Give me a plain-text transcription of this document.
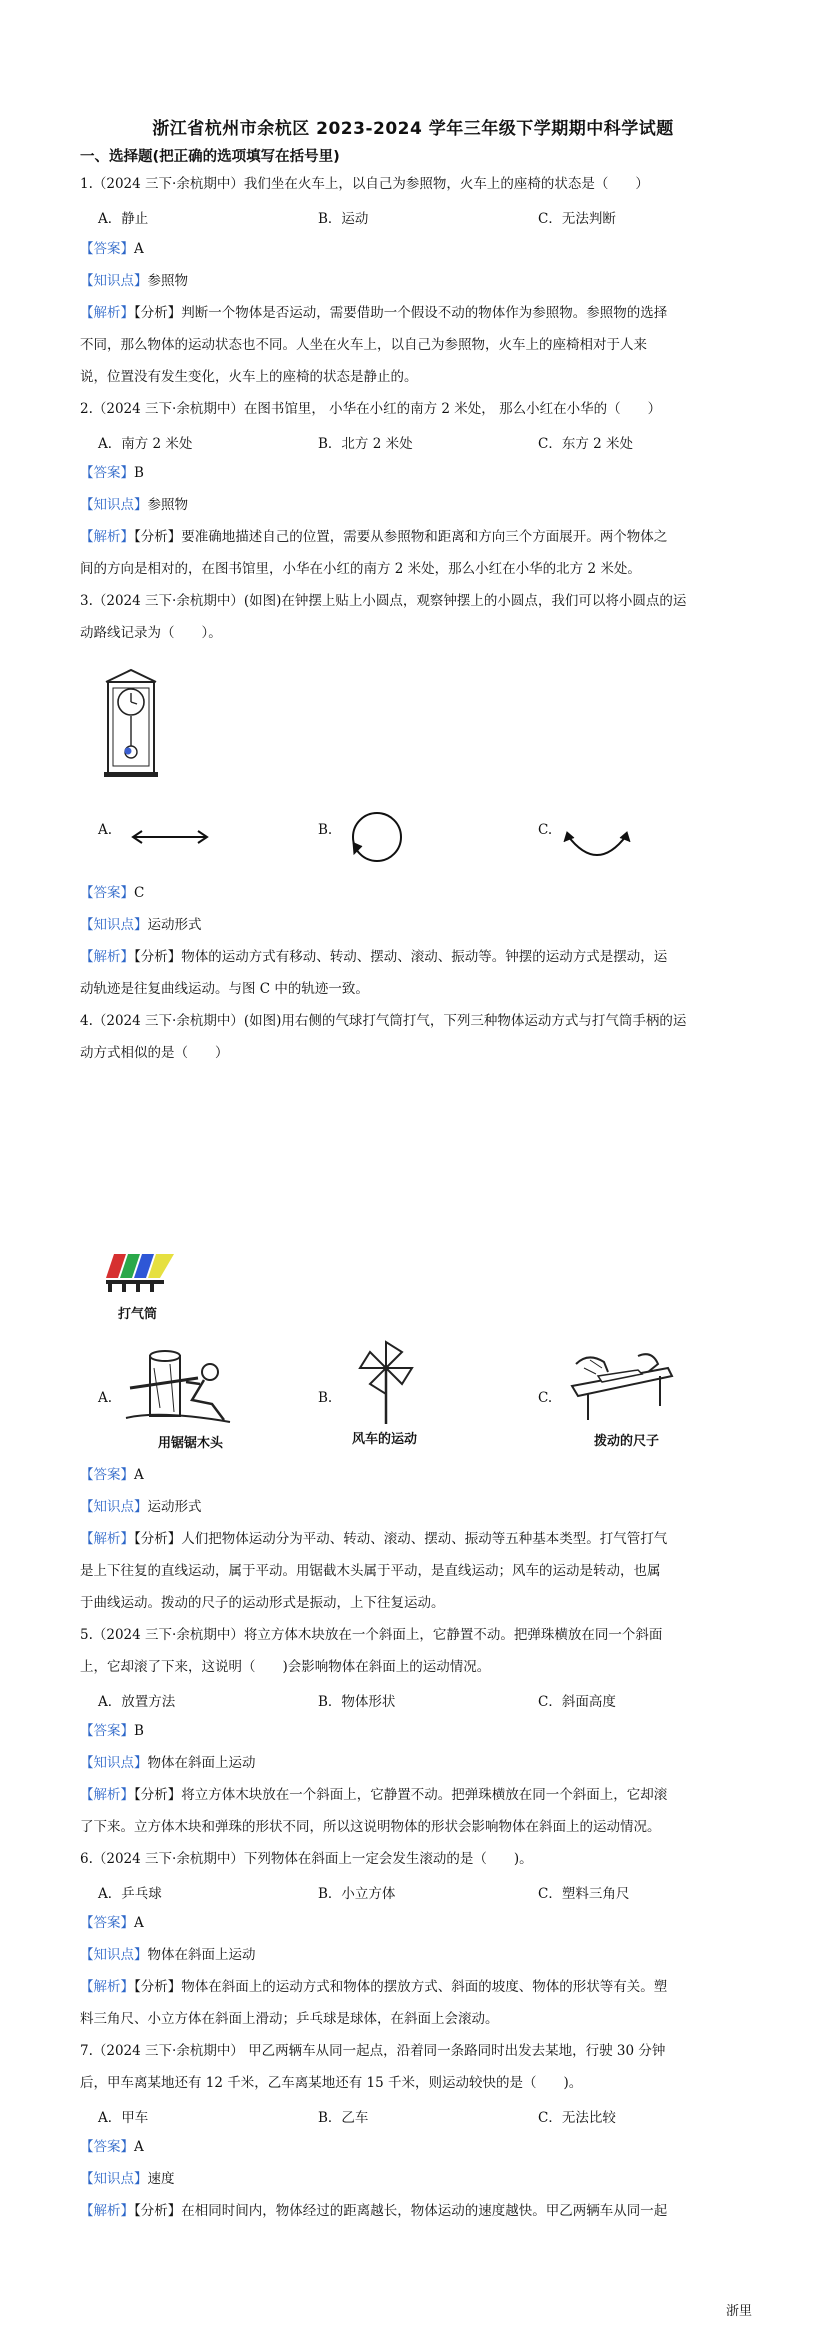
浙江省杭州市余杭区 2023-2024 学年三年级下学期期中科学试题
一、选择题(把正确的选项填写在括号里)
1.（2024 三下·余杭期中）我们坐在火车上，以自己为参照物，火车上的座椅的状态是（　　）
A．静止	B．运动	C．无法判断
【答案】A
【知识点】参照物
【解析】【分析】判断一个物体是否运动，需要借助一个假设不动的物体作为参照物。参照物的选择
不同，那么物体的运动状态也不同。人坐在火车上，以自己为参照物，火车上的座椅相对于人来
说，位置没有发生变化，火车上的座椅的状态是静止的。
2.（2024 三下·余杭期中）在图书馆里， 小华在小红的南方 2 米处， 那么小红在小华的（　　）
A．南方 2 米处	B．北方 2 米处	C．东方 2 米处
【答案】B
【知识点】参照物
【解析】【分析】要准确地描述自己的位置，需要从参照物和距离和方向三个方面展开。两个物体之
间的方向是相对的，在图书馆里，小华在小红的南方 2 米处，那么小红在小华的北方 2 米处。
3.（2024 三下·余杭期中）(如图)在钟摆上贴上小圆点，观察钟摆上的小圆点，我们可以将小圆点的运
动路线记录为（　　）。
A.	B.	C.
【答案】C
【知识点】运动形式
【解析】【分析】物体的运动方式有移动、转动、摆动、滚动、振动等。钟摆的运动方式是摆动，运
动轨迹是往复曲线运动。与图 C 中的轨迹一致。
4.（2024 三下·余杭期中）(如图)用右侧的气球打气筒打气，下列三种物体运动方式与打气筒手柄的运
动方式相似的是（　　）
打气筒
A.
用锯锯木头
B.
风车的运动
C.
拨动的尺子
【答案】A
【知识点】运动形式
【解析】【分析】人们把物体运动分为平动、转动、滚动、摆动、振动等五种基本类型。打气管打气
是上下往复的直线运动，属于平动。用锯截木头属于平动，是直线运动；风车的运动是转动，也属
于曲线运动。拨动的尺子的运动形式是振动，上下往复运动。
5.（2024 三下·余杭期中）将立方体木块放在一个斜面上，它静置不动。把弹珠横放在同一个斜面
上，它却滚了下来，这说明（　　)会影响物体在斜面上的运动情况。
A．放置方法	B．物体形状	C．斜面高度
【答案】B
【知识点】物体在斜面上运动
【解析】【分析】将立方体木块放在一个斜面上，它静置不动。把弹珠横放在同一个斜面上，它却滚
了下来。立方体木块和弹珠的形状不同，所以这说明物体的形状会影响物体在斜面上的运动情况。
6.（2024 三下·余杭期中）下列物体在斜面上一定会发生滚动的是（　　)。
A．乒乓球	B．小立方体	C．塑料三角尺
【答案】A
【知识点】物体在斜面上运动
【解析】【分析】物体在斜面上的运动方式和物体的摆放方式、斜面的坡度、物体的形状等有关。塑
料三角尺、小立方体在斜面上滑动；乒乓球是球体，在斜面上会滚动。
7.（2024 三下·余杭期中） 甲乙两辆车从同一起点，沿着同一条路同时出发去某地，行驶 30 分钟
后，甲车离某地还有 12 千米，乙车离某地还有 15 千米，则运动较快的是（　　)。
A．甲车	B．乙车	C．无法比较
【答案】A
【知识点】速度
【解析】【分析】在相同时间内，物体经过的距离越长，物体运动的速度越快。甲乙两辆车从同一起
浙里
